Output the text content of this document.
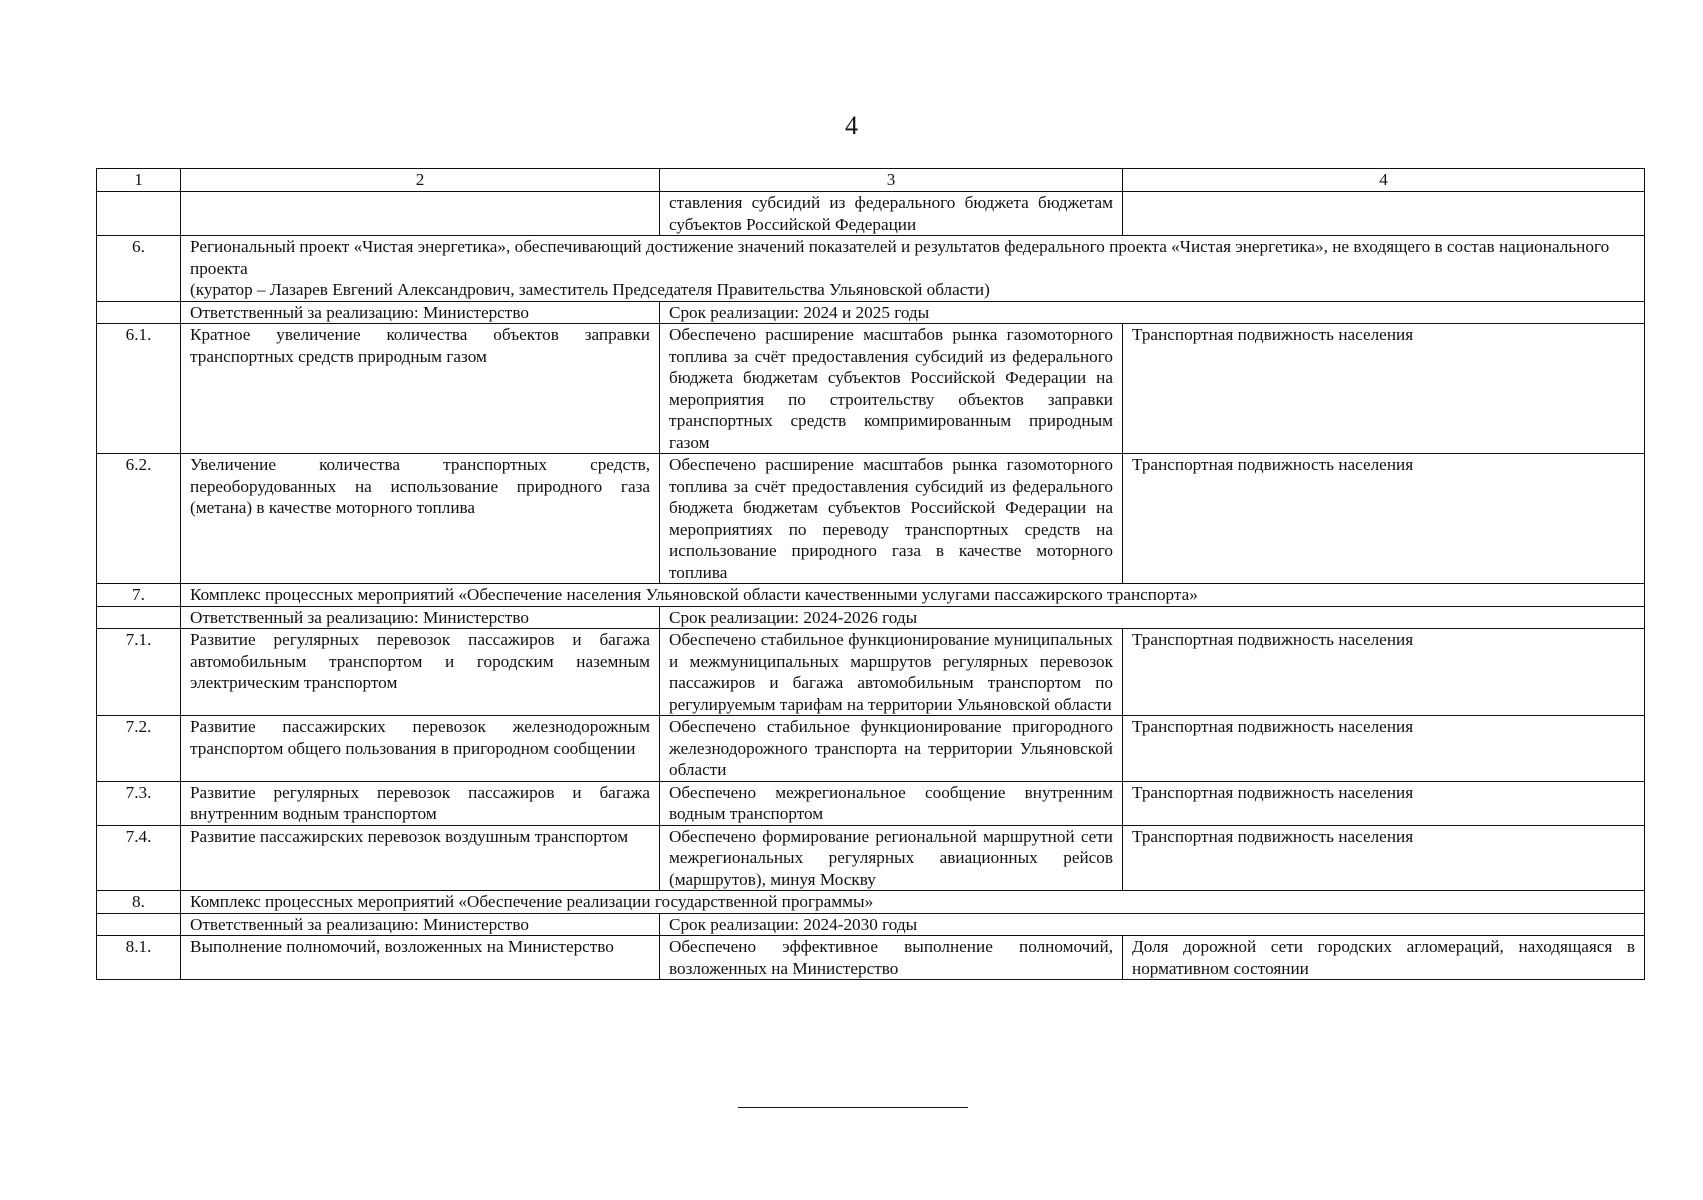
4
1	2	3	4
		ставления субсидий из федерального бюджета бюджетам субъектов Российской Федерации	
6.	Региональный проект «Чистая энергетика», обеспечивающий достижение значений показателей и результатов федерального проекта «Чистая энергетика», не входящего в состав национального проекта
(куратор – Лазарев Евгений Александрович, заместитель Председателя Правительства Ульяновской области)		

	Ответственный за реализацию: Министерство	Срок реализации: 2024 и 2025 годы	
6.1.	Кратное увеличение количества объектов заправки транспортных средств природным газом	Обеспечено расширение масштабов рынка газомоторного топлива за счёт предоставления субсидий из федерального бюджета бюджетам субъектов Российской Федерации на мероприятия по строительству объектов заправки транспортных средств компримированным природным газом	Транспортная подвижность населения
6.2.	Увеличение количества транспортных средств, переоборудованных на использование природного газа (метана) в качестве моторного топлива	Обеспечено расширение масштабов рынка газомоторного топлива за счёт предоставления субсидий из федерального бюджета бюджетам субъектов Российской Федерации на мероприятиях по переводу транспортных средств на использование природного газа в качестве моторного топлива	Транспортная подвижность населения
7.	Комплекс процессных мероприятий «Обеспечение населения Ульяновской области качественными услугами пассажирского транспорта»		

	Ответственный за реализацию: Министерство	Срок реализации: 2024-2026 годы	
7.1.	Развитие регулярных перевозок пассажиров и багажа автомобильным транспортом и городским наземным электрическим транспортом	Обеспечено стабильное функционирование муниципальных и межмуниципальных маршрутов регулярных перевозок пассажиров и багажа автомобильным транспортом по регулируемым тарифам на территории Ульяновской области	Транспортная подвижность населения
7.2.	Развитие пассажирских перевозок железнодорожным транспортом общего пользования в пригородном сообщении	Обеспечено стабильное функционирование пригородного железнодорожного транспорта на территории Ульяновской области	Транспортная подвижность населения
7.3.	Развитие регулярных перевозок пассажиров и багажа внутренним водным транспортом	Обеспечено межрегиональное сообщение внутренним водным транспортом	Транспортная подвижность населения
7.4.	Развитие пассажирских перевозок воздушным транспортом	Обеспечено формирование региональной маршрутной сети межрегиональных регулярных авиационных рейсов (маршрутов), минуя Москву	Транспортная подвижность населения
8.	Комплекс процессных мероприятий «Обеспечение реализации государственной программы»		

	Ответственный за реализацию: Министерство	Срок реализации: 2024-2030 годы	
8.1.	Выполнение полномочий, возложенных на Министерство	Обеспечено эффективное выполнение полномочий, возложенных на Министерство	Доля дорожной сети городских агломераций, находящаяся в нормативном состоянии
